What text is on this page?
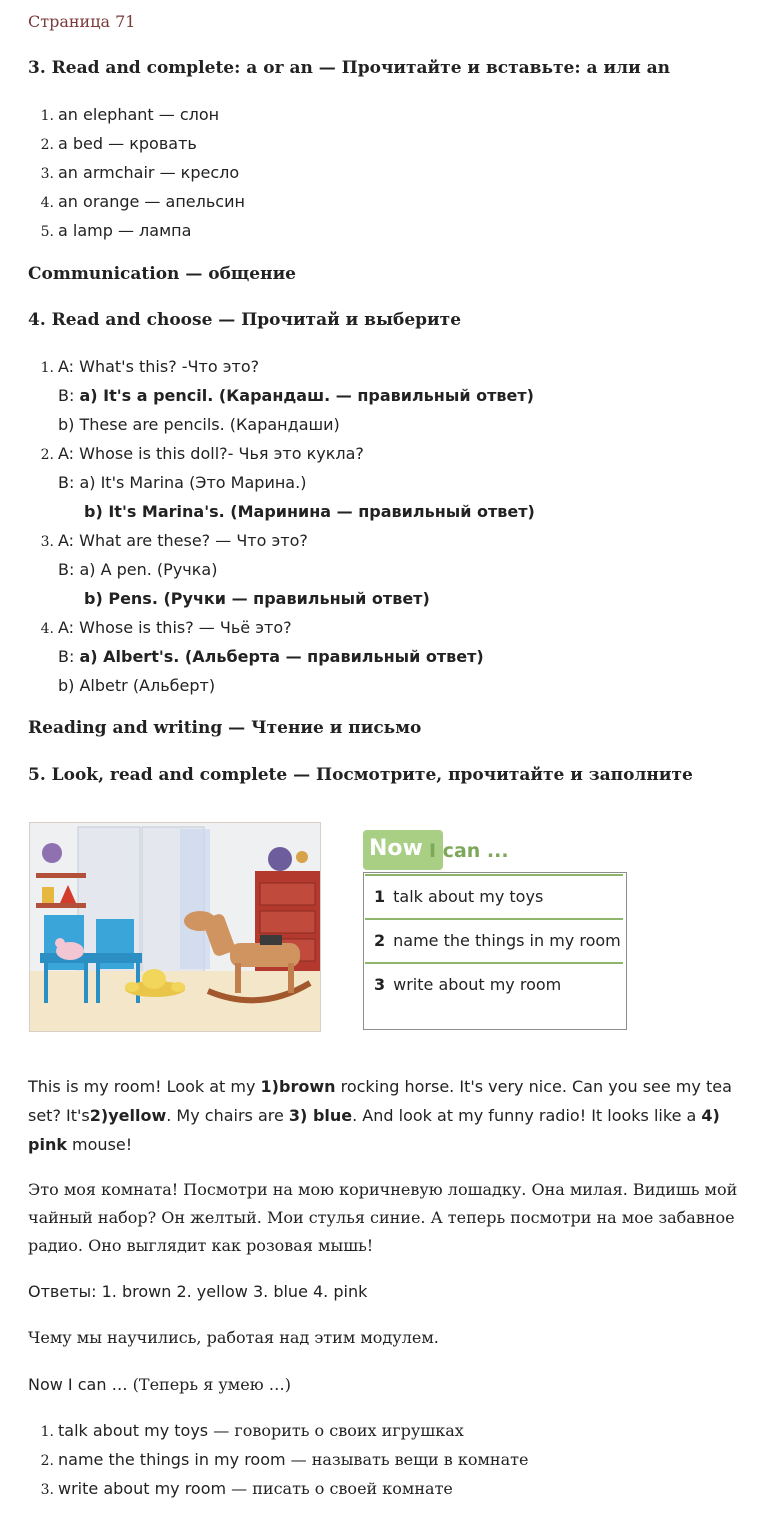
Страница 71
3. Read and complete: a or an — Прочитайте и вставьте: a или an
1. an elephant — слон
2. a bed — кровать
3. an armchair — кресло
4. an orange — апельсин
5. a lamp — лампа
Communication — общение
4. Read and choose — Прочитай и выберите
1. A: What's this? -Что это?
B: a) It's a pencil. (Карандаш. — правильный ответ)
b) These are pencils. (Карандаши)
2. A: Whose is this doll?- Чья это кукла?
B: a) It's Marina (Это Марина.)
b) It's Marina's. (Маринина — правильный ответ)
3. A: What are these? — Что это?
B: a) A pen. (Ручка)
b) Pens. (Ручки — правильный ответ)
4. A: Whose is this? — Чьё это?
B: a) Albert's. (Альберта — правильный ответ)
b) Albetr (Альберт)
Reading and writing — Чтение и письмо
5. Look, read and complete — Посмотрите, прочитайте и заполните
This is my room! Look at my 1)brown rocking horse. It's very nice. Can you see my tea set? It's2)yellow. My chairs are 3) blue. And look at my funny radio! It looks like a 4) pink mouse!
Это моя комната! Посмотри на мою коричневую лошадку. Она милая. Видишь мой чайный набор? Он желтый. Мои стулья синие. А теперь посмотри на мое забавное радио. Оно выглядит как розовая мышь!
Ответы: 1. brown 2. yellow 3. blue 4. pink
Чему мы научились, работая над этим модулем.
Now I can … (Теперь я умею …)
1. talk about my toys — говорить о своих игрушках
2. name the things in my room — называть вещи в комнате
3. write about my room — писать о своей комнате
Now I can ...
1 talk about my toys
2 name the things in my room
3 write about my room
